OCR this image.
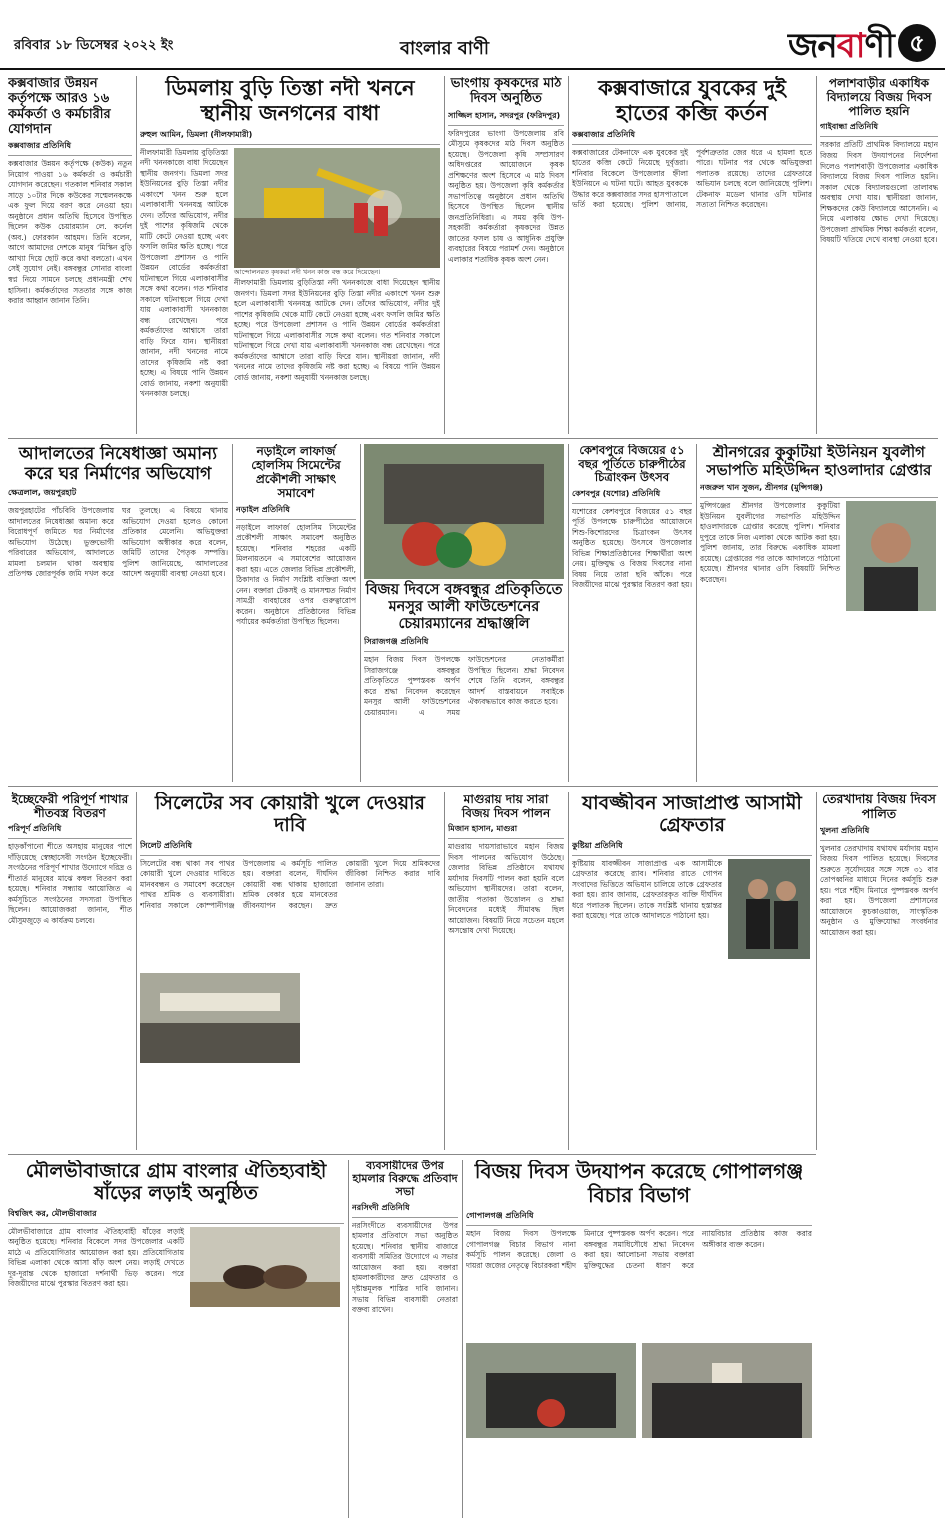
রবিবার ১৮ ডিসেম্বর ২০২২ ইং	বাংলার বাণী	জনবাণী ৫
কক্সবাজার উন্নয়ন কর্তৃপক্ষে আরও ১৬ কর্মকর্তা ও কর্মচারীর যোগদান
কক্সবাজার প্রতিনিধি
কক্সবাজার উন্নয়ন কর্তৃপক্ষে (কউক) নতুন নিয়োগ পাওয়া ১৬ কর্মকর্তা ও কর্মচারী যোগদান করেছেন। গতকাল শনিবার সকাল সাড়ে ১০টার দিকে কউকের সম্মেলনকক্ষে এক ফুল দিয়ে বরণ করে নেওয়া হয়। অনুষ্ঠানে প্রধান অতিথি হিসেবে উপস্থিত ছিলেন কউক চেয়ারম্যান লে. কর্নেল (অব.) ফোরকান আহমদ। তিনি বলেন, আগে আমাদের দেশকে মানুষ ‘মিস্কিন বুড়ি আখ্যা দিয়ে ছোট করে কথা বলতো। এখন সেই সুযোগ নেই। বঙ্গবন্ধুর সোনার বাংলা স্বপ্ন নিয়ে সামনে চলছে প্রধানমন্ত্রী শেখ হাসিনা। কর্মকর্তাদের সততার সঙ্গে কাজ করার আহ্বান জানান তিনি।
ডিমলায় বুড়ি তিস্তা নদী খননে স্থানীয় জনগনের বাধা
রুহুল আমিন, ডিমলা (নীলফামারী)
নীলফামারী ডিমলায় বুড়িতিস্তা নদী খননকাজে বাধা দিয়েছেন স্থানীয় জনগণ। ডিমলা সদর ইউনিয়নের বুড়ি তিস্তা নদীর একাংশে খনন শুরু হলে এলাকাবাসী খননযন্ত্র আটকে দেন। তাঁদের অভিযোগ, নদীর দুই পাশের কৃষিজমি থেকে মাটি কেটে নেওয়া হচ্ছে এবং ফসলি জমির ক্ষতি হচ্ছে। পরে উপজেলা প্রশাসন ও পানি উন্নয়ন বোর্ডের কর্মকর্তারা ঘটনাস্থলে গিয়ে এলাকাবাসীর সঙ্গে কথা বলেন। গত শনিবার সকালে ঘটনাস্থলে গিয়ে দেখা যায় এলাকাবাসী খননকাজ বন্ধ রেখেছেন। পরে কর্মকর্তাদের আশ্বাসে তারা বাড়ি ফিরে যান। স্থানীয়রা জানান, নদী খননের নামে তাদের কৃষিজমি নষ্ট করা হচ্ছে। এ বিষয়ে পানি উন্নয়ন বোর্ড জানায়, নকশা অনুযায়ী খননকাজ চলছে।
আন্দোলনরত কৃষকরা নদী খনন কাজ বন্ধ করে দিয়েছেন।
নীলফামারী ডিমলায় বুড়িতিস্তা নদী খননকাজে বাধা দিয়েছেন স্থানীয় জনগণ। ডিমলা সদর ইউনিয়নের বুড়ি তিস্তা নদীর একাংশে খনন শুরু হলে এলাকাবাসী খননযন্ত্র আটকে দেন। তাঁদের অভিযোগ, নদীর দুই পাশের কৃষিজমি থেকে মাটি কেটে নেওয়া হচ্ছে এবং ফসলি জমির ক্ষতি হচ্ছে। পরে উপজেলা প্রশাসন ও পানি উন্নয়ন বোর্ডের কর্মকর্তারা ঘটনাস্থলে গিয়ে এলাকাবাসীর সঙ্গে কথা বলেন। গত শনিবার সকালে ঘটনাস্থলে গিয়ে দেখা যায় এলাকাবাসী খননকাজ বন্ধ রেখেছেন। পরে কর্মকর্তাদের আশ্বাসে তারা বাড়ি ফিরে যান। স্থানীয়রা জানান, নদী খননের নামে তাদের কৃষিজমি নষ্ট করা হচ্ছে। এ বিষয়ে পানি উন্নয়ন বোর্ড জানায়, নকশা অনুযায়ী খননকাজ চলছে।
ভাংগায় কৃষকদের মাঠ দিবস অনুষ্ঠিত
সাজ্জিল হাসান, সদরপুর (ফরিদপুর)
ফরিদপুরের ভাংগা উপজেলায় রবি মৌসুমে কৃষকদের মাঠ দিবস অনুষ্ঠিত হয়েছে। উপজেলা কৃষি সম্প্রসারণ অধিদপ্তরের আয়োজনে কৃষক প্রশিক্ষণের অংশ হিসেবে এ মাঠ দিবস অনুষ্ঠিত হয়। উপজেলা কৃষি কর্মকর্তার সভাপতিত্বে অনুষ্ঠানে প্রধান অতিথি হিসেবে উপস্থিত ছিলেন স্থানীয় জনপ্রতিনিধিরা। এ সময় কৃষি উপ-সহকারী কর্মকর্তারা কৃষকদের উন্নত জাতের ফসল চাষ ও আধুনিক প্রযুক্তি ব্যবহারের বিষয়ে পরামর্শ দেন। অনুষ্ঠানে এলাকার শতাধিক কৃষক অংশ নেন।
কক্সবাজারে যুবকের দুই হাতের কব্জি কর্তন
কক্সবাজার প্রতিনিধি
কক্সবাজারের টেকনাফে এক যুবকের দুই হাতের কব্জি কেটে নিয়েছে দুর্বৃত্তরা। শনিবার বিকেলে উপজেলার হ্নীলা ইউনিয়নে এ ঘটনা ঘটে। আহত যুবককে উদ্ধার করে কক্সবাজার সদর হাসপাতালে ভর্তি করা হয়েছে। পুলিশ জানায়, পূর্বশত্রুতার জের ধরে এ হামলা হতে পারে। ঘটনার পর থেকে অভিযুক্তরা পলাতক রয়েছে। তাদের গ্রেফতারে অভিযান চলছে বলে জানিয়েছে পুলিশ। টেকনাফ মডেল থানার ওসি ঘটনার সত্যতা নিশ্চিত করেছেন।
পলাশবাড়ীর একাধিক বিদ্যালয়ে বিজয় দিবস পালিত হয়নি
গাইবান্ধা প্রতিনিধি
সরকার প্রতিটি প্রাথমিক বিদ্যালয়ে মহান বিজয় দিবস উদযাপনের নির্দেশনা দিলেও পলাশবাড়ী উপজেলার একাধিক বিদ্যালয়ে বিজয় দিবস পালিত হয়নি। সকাল থেকে বিদ্যালয়গুলো তালাবদ্ধ অবস্থায় দেখা যায়। স্থানীয়রা জানান, শিক্ষকদের কেউ বিদ্যালয়ে আসেননি। এ নিয়ে এলাকায় ক্ষোভ দেখা দিয়েছে। উপজেলা প্রাথমিক শিক্ষা কর্মকর্তা বলেন, বিষয়টি খতিয়ে দেখে ব্যবস্থা নেওয়া হবে।
আদালতের নিষেধাজ্ঞা অমান্য করে ঘর নির্মাণের অভিযোগ
ক্ষেত্রলাল, জয়পুরহাট
জয়পুরহাটের পাঁচবিবি উপজেলায় আদালতের নিষেধাজ্ঞা অমান্য করে বিরোধপূর্ণ জমিতে ঘর নির্মাণের অভিযোগ উঠেছে। ভুক্তভোগী পরিবারের অভিযোগ, আদালতে মামলা চলমান থাকা অবস্থায় প্রতিপক্ষ জোরপূর্বক জমি দখল করে ঘর তুলছে। এ বিষয়ে থানায় অভিযোগ দেওয়া হলেও কোনো প্রতিকার মেলেনি। অভিযুক্তরা অভিযোগ অস্বীকার করে বলেন, জমিটি তাদের পৈতৃক সম্পত্তি। পুলিশ জানিয়েছে, আদালতের আদেশ অনুযায়ী ব্যবস্থা নেওয়া হবে।
নড়াইলে লাফার্জ হোলসিম সিমেন্টের প্রকৌশলী সাক্ষাৎ সমাবেশ
নড়াইল প্রতিনিধি
নড়াইলে লাফার্জ হোলসিম সিমেন্টের প্রকৌশলী সাক্ষাৎ সমাবেশ অনুষ্ঠিত হয়েছে। শনিবার শহরের একটি মিলনায়তনে এ সমাবেশের আয়োজন করা হয়। এতে জেলার বিভিন্ন প্রকৌশলী, ঠিকাদার ও নির্মাণ সংশ্লিষ্ট ব্যক্তিরা অংশ নেন। বক্তারা টেকসই ও মানসম্মত নির্মাণ সামগ্রী ব্যবহারের ওপর গুরুত্বারোপ করেন। অনুষ্ঠানে প্রতিষ্ঠানের বিভিন্ন পর্যায়ের কর্মকর্তারা উপস্থিত ছিলেন।
বিজয় দিবসে বঙ্গবন্ধুর প্রতিকৃতিতে মনসুর আলী ফাউন্ডেশনের চেয়ারম্যানের শ্রদ্ধাঞ্জলি
সিরাজগঞ্জ প্রতিনিধি
মহান বিজয় দিবস উপলক্ষে সিরাজগঞ্জে বঙ্গবন্ধুর প্রতিকৃতিতে পুষ্পস্তবক অর্পণ করে শ্রদ্ধা নিবেদন করেছেন মনসুর আলী ফাউন্ডেশনের চেয়ারম্যান। এ সময় ফাউন্ডেশনের নেতাকর্মীরা উপস্থিত ছিলেন। শ্রদ্ধা নিবেদন শেষে তিনি বলেন, বঙ্গবন্ধুর আদর্শ বাস্তবায়নে সবাইকে ঐক্যবদ্ধভাবে কাজ করতে হবে।
কেশবপুরে বিজয়ের ৫১ বছর পূর্তিতে চারুপীঠের চিত্রাংকন উৎসব
কেশবপুর (যশোর) প্রতিনিধি
যশোরের কেশবপুরে বিজয়ের ৫১ বছর পূর্তি উপলক্ষে চারুপীঠের আয়োজনে শিশু-কিশোরদের চিত্রাংকন উৎসব অনুষ্ঠিত হয়েছে। উৎসবে উপজেলার বিভিন্ন শিক্ষাপ্রতিষ্ঠানের শিক্ষার্থীরা অংশ নেয়। মুক্তিযুদ্ধ ও বিজয় দিবসের নানা বিষয় নিয়ে তারা ছবি আঁকে। পরে বিজয়ীদের মাঝে পুরস্কার বিতরণ করা হয়।
শ্রীনগরের কুকুটিয়া ইউনিয়ন যুবলীগ সভাপতি মহিউদ্দিন হাওলাদার গ্রেপ্তার
নজরুল খান সুজন, শ্রীনগর (মুন্সিগঞ্জ)
মুন্সিগঞ্জের শ্রীনগর উপজেলার কুকুটিয়া ইউনিয়ন যুবলীগের সভাপতি মহিউদ্দিন হাওলাদারকে গ্রেপ্তার করেছে পুলিশ। শনিবার দুপুরে তাকে নিজ এলাকা থেকে আটক করা হয়। পুলিশ জানায়, তার বিরুদ্ধে একাধিক মামলা রয়েছে। গ্রেপ্তারের পর তাকে আদালতে পাঠানো হয়েছে। শ্রীনগর থানার ওসি বিষয়টি নিশ্চিত করেছেন।
ইচ্ছেফেরী পরিপূর্ণ শাখার শীতবস্ত্র বিতরণ
পরিপূর্ণ প্রতিনিধি
হাড়কাঁপানো শীতে অসহায় মানুষের পাশে দাঁড়িয়েছে স্বেচ্ছাসেবী সংগঠন ইচ্ছেফেরী। সংগঠনের পরিপূর্ণ শাখার উদ্যোগে দরিদ্র ও শীতার্ত মানুষের মাঝে কম্বল বিতরণ করা হয়েছে। শনিবার সন্ধ্যায় আয়োজিত এ কর্মসূচিতে সংগঠনের সদস্যরা উপস্থিত ছিলেন। আয়োজকরা জানান, শীত মৌসুমজুড়ে এ কার্যক্রম চলবে।
সিলেটের সব কোয়ারী খুলে দেওয়ার দাবি
সিলেট প্রতিনিধি
সিলেটের বন্ধ থাকা সব পাথর কোয়ারী খুলে দেওয়ার দাবিতে মানববন্ধন ও সমাবেশ করেছেন পাথর শ্রমিক ও ব্যবসায়ীরা। শনিবার সকালে কোম্পানীগঞ্জ উপজেলায় এ কর্মসূচি পালিত হয়। বক্তারা বলেন, দীর্ঘদিন কোয়ারী বন্ধ থাকায় হাজারো শ্রমিক বেকার হয়ে মানবেতর জীবনযাপন করছেন। দ্রুত কোয়ারী খুলে দিয়ে শ্রমিকদের জীবিকা নিশ্চিত করার দাবি জানান তারা।
মাগুরায় দায় সারা বিজয় দিবস পালন
মিজান হাসান, মাগুরা
মাগুরায় দায়সারাভাবে মহান বিজয় দিবস পালনের অভিযোগ উঠেছে। জেলার বিভিন্ন প্রতিষ্ঠানে যথাযথ মর্যাদায় দিবসটি পালন করা হয়নি বলে অভিযোগ স্থানীয়দের। তারা বলেন, জাতীয় পতাকা উত্তোলন ও শ্রদ্ধা নিবেদনের মধ্যেই সীমাবদ্ধ ছিল আয়োজন। বিষয়টি নিয়ে সচেতন মহলে অসন্তোষ দেখা দিয়েছে।
যাবজ্জীবন সাজাপ্রাপ্ত আসামী গ্রেফতার
কুষ্টিয়া প্রতিনিধি
কুষ্টিয়ায় যাবজ্জীবন সাজাপ্রাপ্ত এক আসামীকে গ্রেফতার করেছে র‍্যাব। শনিবার রাতে গোপন সংবাদের ভিত্তিতে অভিযান চালিয়ে তাকে গ্রেফতার করা হয়। র‍্যাব জানায়, গ্রেফতারকৃত ব্যক্তি দীর্ঘদিন ধরে পলাতক ছিলেন। তাকে সংশ্লিষ্ট থানায় হস্তান্তর করা হয়েছে। পরে তাকে আদালতে পাঠানো হয়।
তেরখাদায় বিজয় দিবস পালিত
খুলনা প্রতিনিধি
খুলনার তেরখাদায় যথাযথ মর্যাদায় মহান বিজয় দিবস পালিত হয়েছে। দিবসের শুরুতে সূর্যোদয়ের সঙ্গে সঙ্গে ৩১ বার তোপধ্বনির মাধ্যমে দিনের কর্মসূচি শুরু হয়। পরে শহীদ মিনারে পুষ্পস্তবক অর্পণ করা হয়। উপজেলা প্রশাসনের আয়োজনে কুচকাওয়াজ, সাংস্কৃতিক অনুষ্ঠান ও মুক্তিযোদ্ধা সংবর্ধনার আয়োজন করা হয়।
মৌলভীবাজারে গ্রাম বাংলার ঐতিহ্যবাহী ষাঁড়ের লড়াই অনুষ্ঠিত
বিশ্বজিৎ কর, মৌলভীবাজার
মৌলভীবাজারে গ্রাম বাংলার ঐতিহ্যবাহী ষাঁড়ের লড়াই অনুষ্ঠিত হয়েছে। শনিবার বিকেলে সদর উপজেলার একটি মাঠে এ প্রতিযোগিতার আয়োজন করা হয়। প্রতিযোগিতায় বিভিন্ন এলাকা থেকে আসা ষাঁড় অংশ নেয়। লড়াই দেখতে দূর-দূরান্ত থেকে হাজারো দর্শনার্থী ভিড় করেন। পরে বিজয়ীদের মাঝে পুরস্কার বিতরণ করা হয়।
ব্যবসায়ীদের উপর হামলার বিরুদ্ধে প্রতিবাদ সভা
নরসিংদী প্রতিনিধি
নরসিংদীতে ব্যবসায়ীদের উপর হামলার প্রতিবাদে সভা অনুষ্ঠিত হয়েছে। শনিবার স্থানীয় বাজারে ব্যবসায়ী সমিতির উদ্যোগে এ সভার আয়োজন করা হয়। বক্তারা হামলাকারীদের দ্রুত গ্রেফতার ও দৃষ্টান্তমূলক শাস্তির দাবি জানান। সভায় বিভিন্ন ব্যবসায়ী নেতারা বক্তব্য রাখেন।
বিজয় দিবস উদযাপন করেছে গোপালগঞ্জ বিচার বিভাগ
গোপালগঞ্জ প্রতিনিধি
মহান বিজয় দিবস উপলক্ষে গোপালগঞ্জ বিচার বিভাগ নানা কর্মসূচি পালন করেছে। জেলা ও দায়রা জজের নেতৃত্বে বিচারকরা শহীদ মিনারে পুষ্পস্তবক অর্পণ করেন। পরে বঙ্গবন্ধুর সমাধিসৌধে শ্রদ্ধা নিবেদন করা হয়। আলোচনা সভায় বক্তারা মুক্তিযুদ্ধের চেতনা ধারণ করে ন্যায়বিচার প্রতিষ্ঠায় কাজ করার অঙ্গীকার ব্যক্ত করেন।
